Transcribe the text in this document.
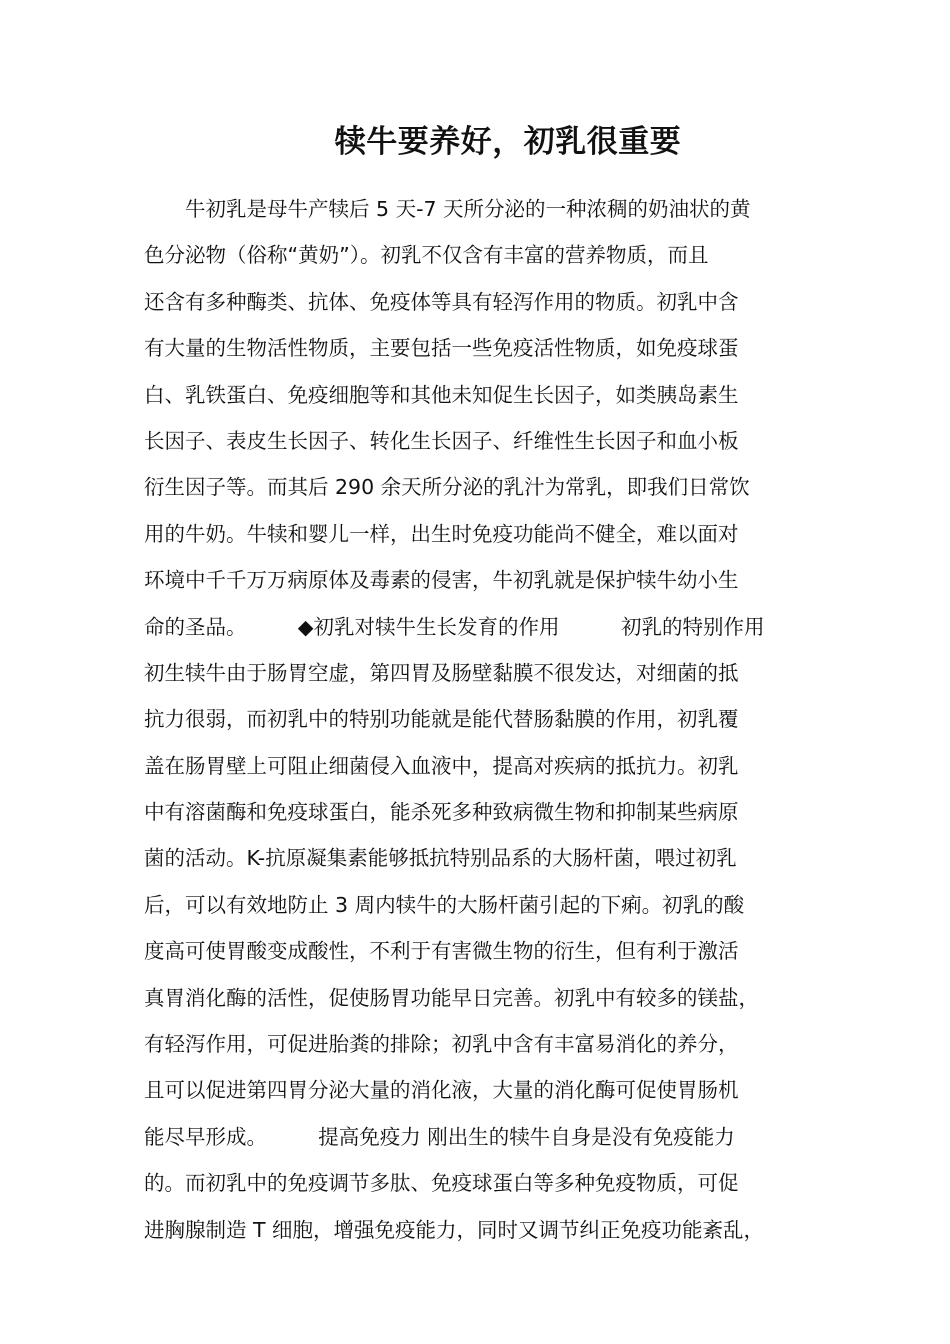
犊牛要养好，初乳很重要
　　牛初乳是母牛产犊后 5 天-7 天所分泌的一种浓稠的奶油状的黄
色分泌物（俗称“黄奶”）。初乳不仅含有丰富的营养物质，而且
还含有多种酶类、抗体、免疫体等具有轻泻作用的物质。初乳中含
有大量的生物活性物质，主要包括一些免疫活性物质，如免疫球蛋
白、乳铁蛋白、免疫细胞等和其他未知促生长因子，如类胰岛素生
长因子、表皮生长因子、转化生长因子、纤维性生长因子和血小板
衍生因子等。而其后 290 余天所分泌的乳汁为常乳，即我们日常饮
用的牛奶。牛犊和婴儿一样，出生时免疫功能尚不健全，难以面对
环境中千千万万病原体及毒素的侵害，牛初乳就是保护犊牛幼小生
命的圣品。　　　◆初乳对犊牛生长发育的作用　　　初乳的特别作用
初生犊牛由于肠胃空虚，第四胃及肠壁黏膜不很发达，对细菌的抵
抗力很弱，而初乳中的特别功能就是能代替肠黏膜的作用，初乳覆
盖在肠胃壁上可阻止细菌侵入血液中，提高对疾病的抵抗力。初乳
中有溶菌酶和免疫球蛋白，能杀死多种致病微生物和抑制某些病原
菌的活动。K-抗原凝集素能够抵抗特别品系的大肠杆菌，喂过初乳
后，可以有效地防止 3 周内犊牛的大肠杆菌引起的下痢。初乳的酸
度高可使胃酸变成酸性，不利于有害微生物的衍生，但有利于激活
真胃消化酶的活性，促使肠胃功能早日完善。初乳中有较多的镁盐，
有轻泻作用，可促进胎粪的排除；初乳中含有丰富易消化的养分，
且可以促进第四胃分泌大量的消化液，大量的消化酶可促使胃肠机
能尽早形成。　　　提高免疫力 刚出生的犊牛自身是没有免疫能力
的。而初乳中的免疫调节多肽、免疫球蛋白等多种免疫物质，可促
进胸腺制造 T 细胞，增强免疫能力，同时又调节纠正免疫功能紊乱，
